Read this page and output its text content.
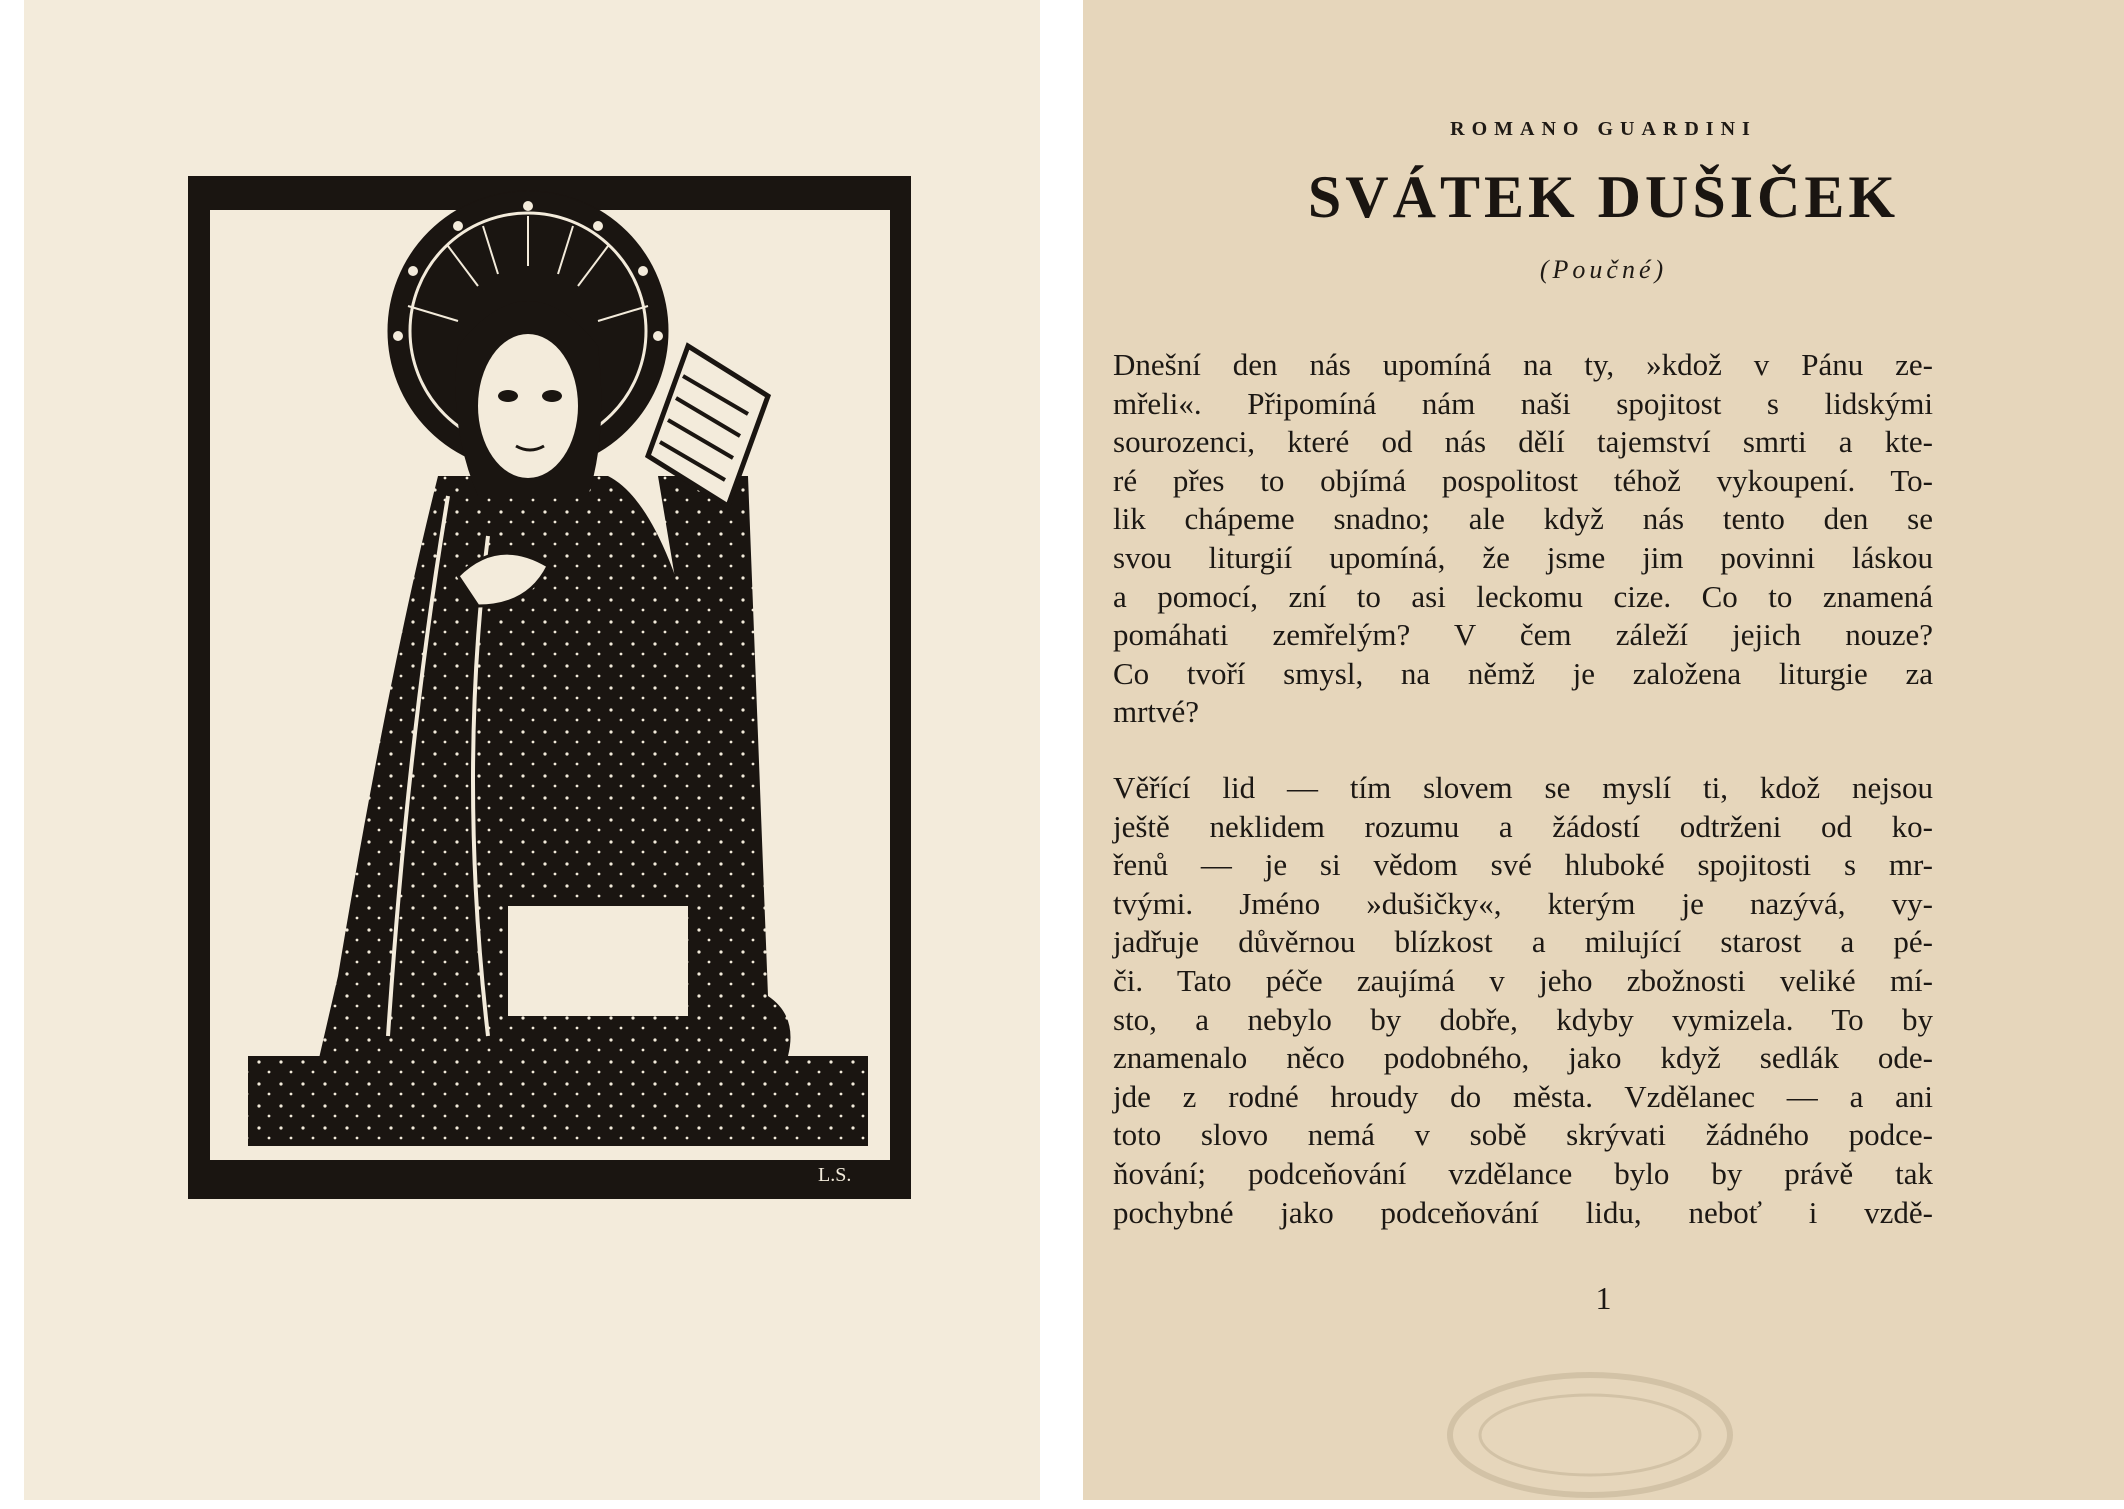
L.S.
ROMANO GUARDINI
SVÁTEK DUŠIČEK
(Poučné)
Dnešní den nás upomíná na ty, »kdož v Pánu ze-
mřeli«. Připomíná nám naši spojitost s lidskými
sourozenci, které od nás dělí tajemství smrti a kte-
ré přes to objímá pospolitost téhož vykoupení. To-
lik chápeme snadno; ale když nás tento den se
svou liturgií upomíná, že jsme jim povinni láskou
a pomocí, zní to asi leckomu cize. Co to znamená
pomáhati zemřelým? V čem záleží jejich nouze?
Co tvoří smysl, na němž je založena liturgie za
mrtvé?
Věřící lid — tím slovem se myslí ti, kdož nejsou
ještě neklidem rozumu a žádostí odtrženi od ko-
řenů — je si vědom své hluboké spojitosti s mr-
tvými. Jméno »dušičky«, kterým je nazývá, vy-
jadřuje důvěrnou blízkost a milující starost a pé-
či. Tato péče zaujímá v jeho zbožnosti veliké mí-
sto, a nebylo by dobře, kdyby vymizela. To by
znamenalo něco podobného, jako když sedlák ode-
jde z rodné hroudy do města. Vzdělanec — a ani
toto slovo nemá v sobě skrývati žádného podce-
ňování; podceňování vzdělance bylo by právě tak
pochybné jako podceňování lidu, neboť i vzdě-
1
